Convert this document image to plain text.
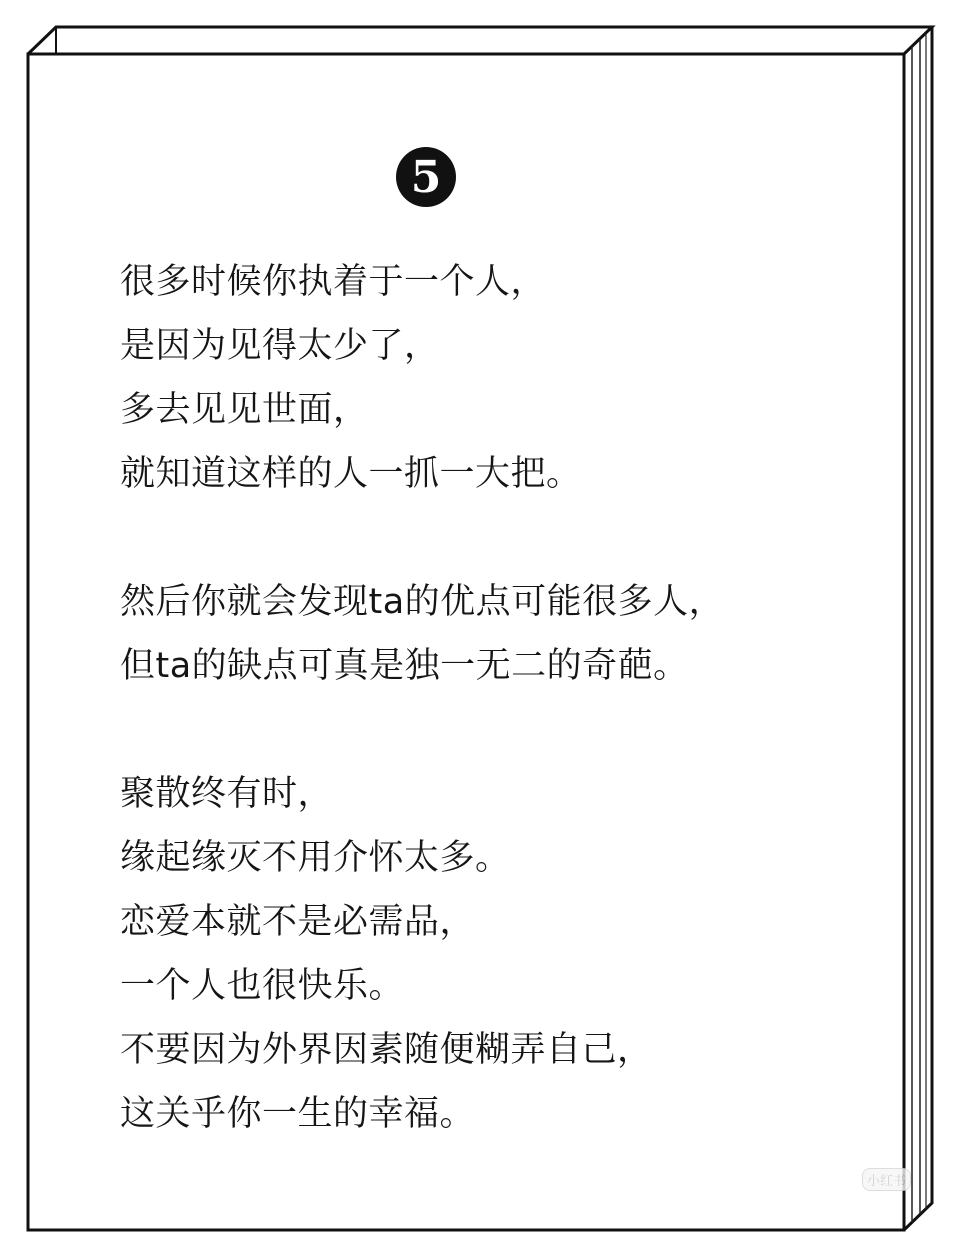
5
很多时候你执着于一个人，
是因为见得太少了，
多去见见世面，
就知道这样的人一抓一大把。
然后你就会发现ta的优点可能很多人，
但ta的缺点可真是独一无二的奇葩。
聚散终有时，
缘起缘灭不用介怀太多。
恋爱本就不是必需品，
一个人也很快乐。
不要因为外界因素随便糊弄自己，
这关乎你一生的幸福。
小红书
